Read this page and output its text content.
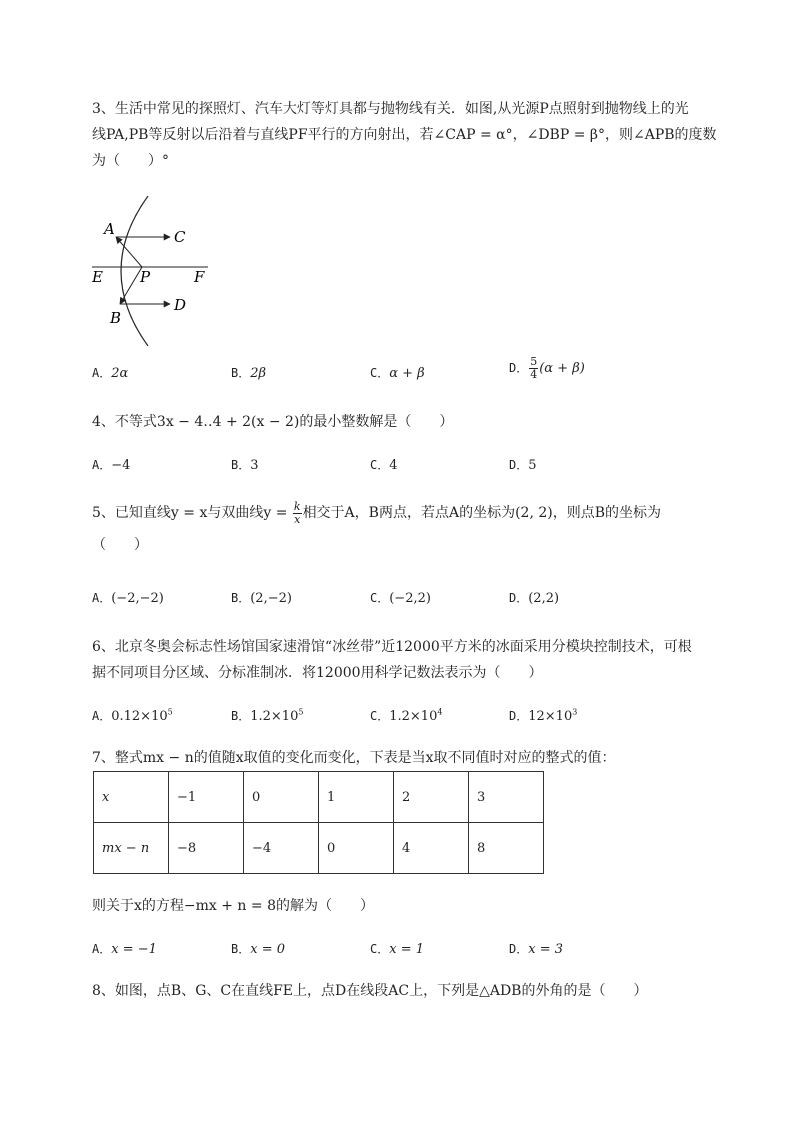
3、生活中常见的探照灯、汽车大灯等灯具都与抛物线有关．如图,从光源P点照射到抛物线上的光
线PA,PB等反射以后沿着与直线PF平行的方向射出，若∠CAP = α°，∠DBP = β°，则∠APB的度数
为（　　）°
A	C
E P	F
D
B
A．2α	B．2β	C．α + β	D． $\frac{5}{4} (\alpha + \beta)$
4、不等式3x − 4‥4 + 2(x − 2)的最小整数解是（　　）
A．−4	B．3	C．4	D．5
5、已知直线y = x与双曲线$y = \frac{k}{x}$ 相交于A，B两点，若点A的坐标为(2, 2)，则点B的坐标为
（　　）
A．(−2,−2)	B．(2,−2)	C．(−2,2)	D．(2,2)
6、北京冬奥会标志性场馆国家速滑馆“冰丝带”近12000平方米的冰面采用分模块控制技术，可根
据不同项目分区域、分标准制冰．将12000用科学记数法表示为（　　）
A．$0.12\times 10^5$	B．$1.2\times 10^5$	C．$1.2\times 10^4$	D．$12\times 10^3$
7、整式mx − n的值随x取值的变化而变化，下表是当x取不同值时对应的整式的值：
x	−1	0	1	2	3
mx − n	−8	−4	0	4	8
则关于x的方程−mx + n = 8的解为（　　）
A．x = −1	B．x = 0	C．x = 1	D．x = 3
8、如图，点B、G、C在直线FE上，点D在线段AC上，下列是△ADB的外角的是（　　）
